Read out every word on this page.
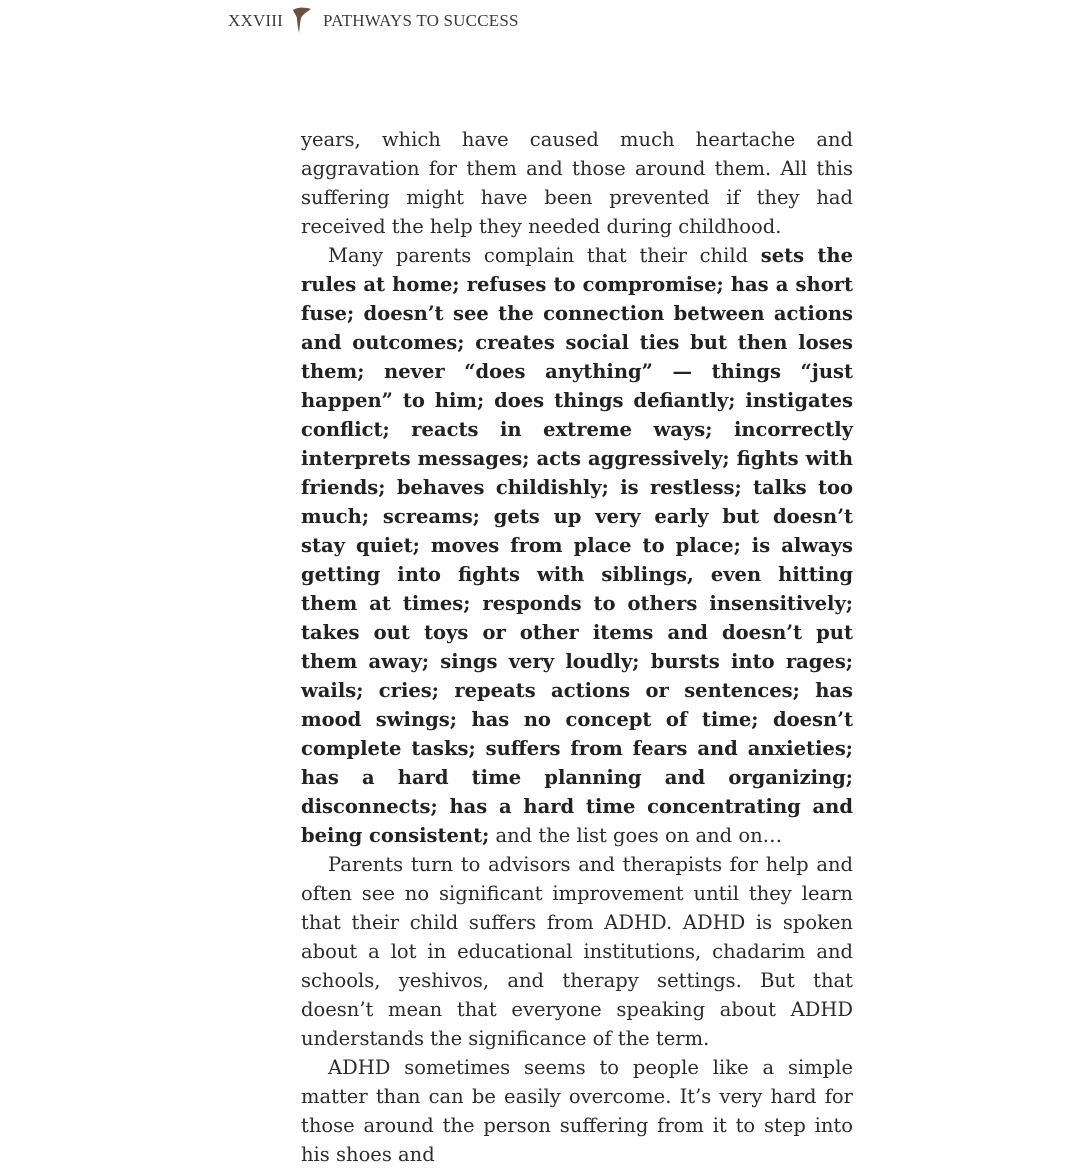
XXVIII PATHWAYS TO SUCCESS

years, which have caused much heartache and aggravation for them and those around them. All this suffering might have been prevented if they had received the help they needed during childhood.

Many parents complain that their child sets the rules at home; refuses to compromise; has a short fuse; doesn’t see the connection between actions and outcomes; creates social ties but then loses them; never “does anything” — things “just happen” to him; does things defiantly; instigates conflict; reacts in extreme ways; incorrectly interprets messages; acts aggressively; fights with friends; behaves childishly; is restless; talks too much; screams; gets up very early but doesn’t stay quiet; moves from place to place; is always getting into fights with siblings, even hitting them at times; responds to others insensitively; takes out toys or other items and doesn’t put them away; sings very loudly; bursts into rages; wails; cries; repeats actions or sentences; has mood swings; has no concept of time; doesn’t complete tasks; suffers from fears and anxieties; has a hard time planning and organizing; disconnects; has a hard time concentrating and being consistent; and the list goes on and on…

Parents turn to advisors and therapists for help and often see no significant improvement until they learn that their child suffers from ADHD. ADHD is spoken about a lot in educational institutions, chadarim and schools, yeshivos, and therapy settings. But that doesn’t mean that everyone speaking about ADHD understands the significance of the term.

ADHD sometimes seems to people like a simple matter than can be easily overcome. It’s very hard for those around the person suffering from it to step into his shoes and
